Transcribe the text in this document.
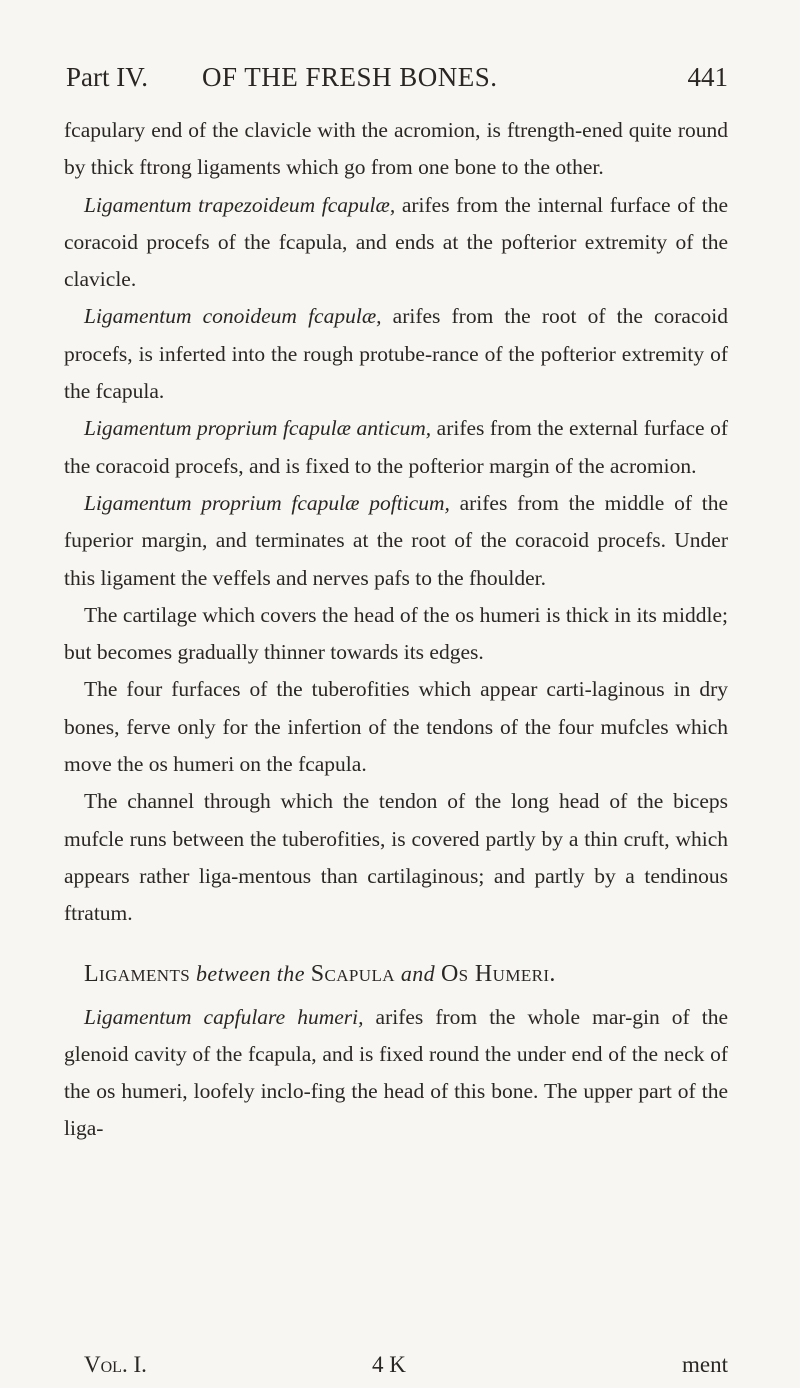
Part IV. OF THE FRESH BONES.	441

fcapulary end of the clavicle with the acromion, is ftrength-ened quite round by thick ftrong ligaments which go from one bone to the other.

Ligamentum trapezoideum fcapulæ, arifes from the internal furface of the coracoid procefs of the fcapula, and ends at the pofterior extremity of the clavicle.

Ligamentum conoideum fcapulæ, arifes from the root of the coracoid procefs, is inferted into the rough protube-rance of the pofterior extremity of the fcapula.

Ligamentum proprium fcapulæ anticum, arifes from the external furface of the coracoid procefs, and is fixed to the pofterior margin of the acromion.

Ligamentum proprium fcapulæ pofticum, arifes from the middle of the fuperior margin, and terminates at the root of the coracoid procefs. Under this ligament the veffels and nerves pafs to the fhoulder.

The cartilage which covers the head of the os humeri is thick in its middle; but becomes gradually thinner towards its edges.

The four furfaces of the tuberofities which appear carti-laginous in dry bones, ferve only for the infertion of the tendons of the four mufcles which move the os humeri on the fcapula.

The channel through which the tendon of the long head of the biceps mufcle runs between the tuberofities, is covered partly by a thin cruft, which appears rather liga-mentous than cartilaginous; and partly by a tendinous ftratum.

Ligaments between the Scapula and Os Humeri.

Ligamentum capfulare humeri, arifes from the whole mar-gin of the glenoid cavity of the fcapula, and is fixed round the under end of the neck of the os humeri, loofely inclo-fing the head of this bone. The upper part of the liga-

Vol. I.	4 K	ment
